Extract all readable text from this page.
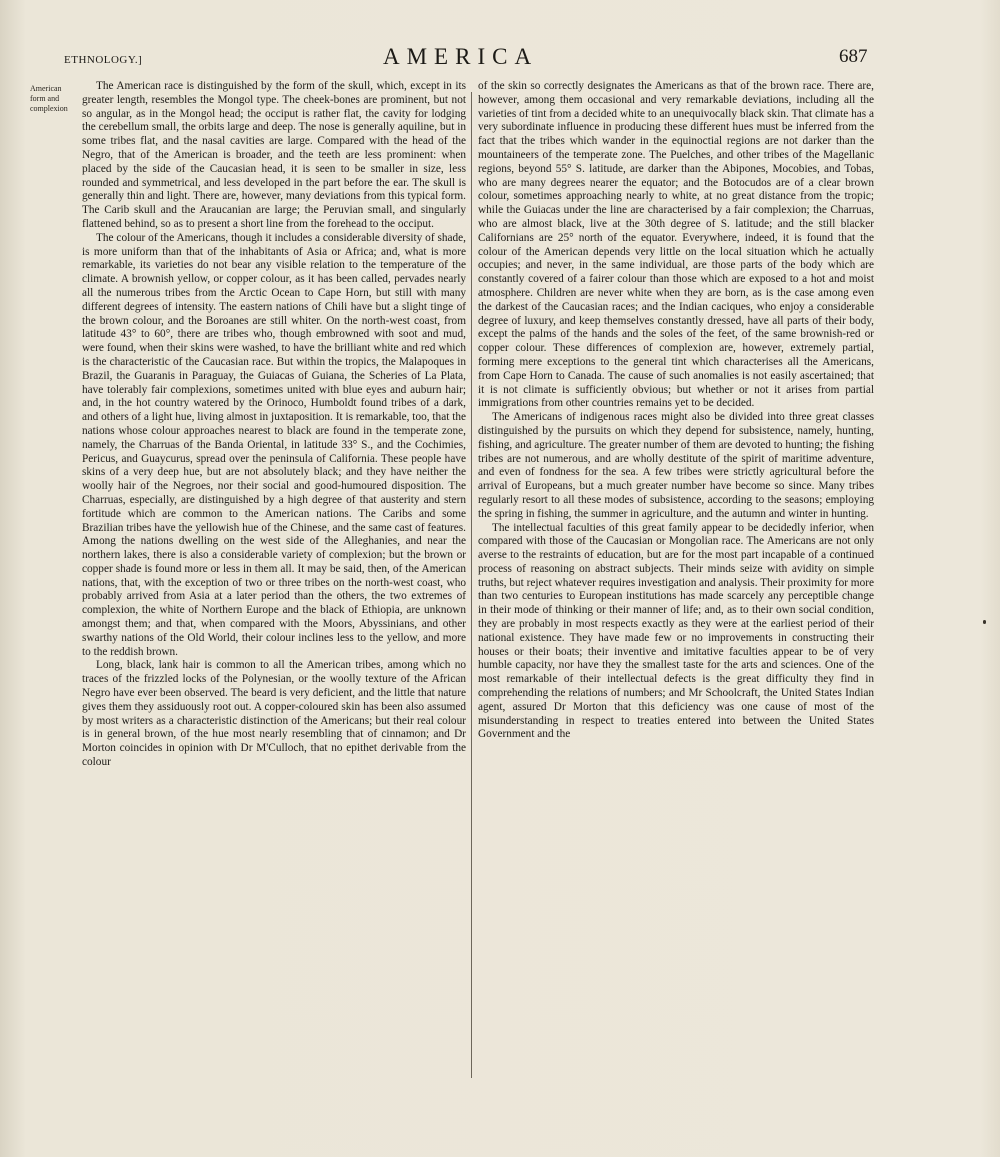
ETHNOLOGY.]	AMERICA	687
American form and complexion

The American race is distinguished by the form of the skull, which, except in its greater length, resembles the Mongol type. The cheek-bones are prominent, but not so angular, as in the Mongol head; the occiput is rather flat, the cavity for lodging the cerebellum small, the orbits large and deep. The nose is generally aquiline, but in some tribes flat, and the nasal cavities are large. Compared with the head of the Negro, that of the American is broader, and the teeth are less prominent: when placed by the side of the Caucasian head, it is seen to be smaller in size, less rounded and symmetrical, and less developed in the part before the ear. The skull is generally thin and light. There are, however, many deviations from this typical form. The Carib skull and the Araucanian are large; the Peruvian small, and singularly flattened behind, so as to present a short line from the forehead to the occiput.

The colour of the Americans, though it includes a considerable diversity of shade, is more uniform than that of the inhabitants of Asia or Africa; and, what is more remarkable, its varieties do not bear any visible relation to the temperature of the climate. A brownish yellow, or copper colour, as it has been called, pervades nearly all the numerous tribes from the Arctic Ocean to Cape Horn, but still with many different degrees of intensity. The eastern nations of Chili have but a slight tinge of the brown colour, and the Boroanes are still whiter. On the north-west coast, from latitude 43° to 60°, there are tribes who, though embrowned with soot and mud, were found, when their skins were washed, to have the brilliant white and red which is the characteristic of the Caucasian race. But within the tropics, the Malapoques in Brazil, the Guaranis in Paraguay, the Guiacas of Guiana, the Scheries of La Plata, have tolerably fair complexions, sometimes united with blue eyes and auburn hair; and, in the hot country watered by the Orinoco, Humboldt found tribes of a dark, and others of a light hue, living almost in juxtaposition. It is remarkable, too, that the nations whose colour approaches nearest to black are found in the temperate zone, namely, the Charruas of the Banda Oriental, in latitude 33° S., and the Cochimies, Pericus, and Guaycurus, spread over the peninsula of California. These people have skins of a very deep hue, but are not absolutely black; and they have neither the woolly hair of the Negroes, nor their social and good-humoured disposition. The Charruas, especially, are distinguished by a high degree of that austerity and stern fortitude which are common to the American nations. The Caribs and some Brazilian tribes have the yellowish hue of the Chinese, and the same cast of features. Among the nations dwelling on the west side of the Alleghanies, and near the northern lakes, there is also a considerable variety of complexion; but the brown or copper shade is found more or less in them all. It may be said, then, of the American nations, that, with the exception of two or three tribes on the north-west coast, who probably arrived from Asia at a later period than the others, the two extremes of complexion, the white of Northern Europe and the black of Ethiopia, are unknown amongst them; and that, when compared with the Moors, Abyssinians, and other swarthy nations of the Old World, their colour inclines less to the yellow, and more to the reddish brown.

Long, black, lank hair is common to all the American tribes, among which no traces of the frizzled locks of the Polynesian, or the woolly texture of the African Negro have ever been observed. The beard is very deficient, and the little that nature gives them they assiduously root out. A copper-coloured skin has been also assumed by most writers as a characteristic distinction of the Americans; but their real colour is in general brown, of the hue most nearly resembling that of cinnamon; and Dr Morton coincides in opinion with Dr M'Culloch, that no epithet derivable from the colour

of the skin so correctly designates the Americans as that of the brown race. There are, however, among them occasional and very remarkable deviations, including all the varieties of tint from a decided white to an unequivocally black skin. That climate has a very subordinate influence in producing these different hues must be inferred from the fact that the tribes which wander in the equinoctial regions are not darker than the mountaineers of the temperate zone. The Puelches, and other tribes of the Magellanic regions, beyond 55° S. latitude, are darker than the Abipones, Mocobies, and Tobas, who are many degrees nearer the equator; and the Botocudos are of a clear brown colour, sometimes approaching nearly to white, at no great distance from the tropic; while the Guiacas under the line are characterised by a fair complexion; the Charruas, who are almost black, live at the 30th degree of S. latitude; and the still blacker Californians are 25° north of the equator. Everywhere, indeed, it is found that the colour of the American depends very little on the local situation which he actually occupies; and never, in the same individual, are those parts of the body which are constantly covered of a fairer colour than those which are exposed to a hot and moist atmosphere. Children are never white when they are born, as is the case among even the darkest of the Caucasian races; and the Indian caciques, who enjoy a considerable degree of luxury, and keep themselves constantly dressed, have all parts of their body, except the palms of the hands and the soles of the feet, of the same brownish-red or copper colour. These differences of complexion are, however, extremely partial, forming mere exceptions to the general tint which characterises all the Americans, from Cape Horn to Canada. The cause of such anomalies is not easily ascertained; that it is not climate is sufficiently obvious; but whether or not it arises from partial immigrations from other countries remains yet to be decided.

The Americans of indigenous races might also be divided into three great classes distinguished by the pursuits on which they depend for subsistence, namely, hunting, fishing, and agriculture. The greater number of them are devoted to hunting; the fishing tribes are not numerous, and are wholly destitute of the spirit of maritime adventure, and even of fondness for the sea. A few tribes were strictly agricultural before the arrival of Europeans, but a much greater number have become so since. Many tribes regularly resort to all these modes of subsistence, according to the seasons; employing the spring in fishing, the summer in agriculture, and the autumn and winter in hunting.

The intellectual faculties of this great family appear to be decidedly inferior, when compared with those of the Caucasian or Mongolian race. The Americans are not only averse to the restraints of education, but are for the most part incapable of a continued process of reasoning on abstract subjects. Their minds seize with avidity on simple truths, but reject whatever requires investigation and analysis. Their proximity for more than two centuries to European institutions has made scarcely any perceptible change in their mode of thinking or their manner of life; and, as to their own social condition, they are probably in most respects exactly as they were at the earliest period of their national existence. They have made few or no improvements in constructing their houses or their boats; their inventive and imitative faculties appear to be of very humble capacity, nor have they the smallest taste for the arts and sciences. One of the most remarkable of their intellectual defects is the great difficulty they find in comprehending the relations of numbers; and Mr Schoolcraft, the United States Indian agent, assured Dr Morton that this deficiency was one cause of most of the misunderstanding in respect to treaties entered into between the United States Government and the
